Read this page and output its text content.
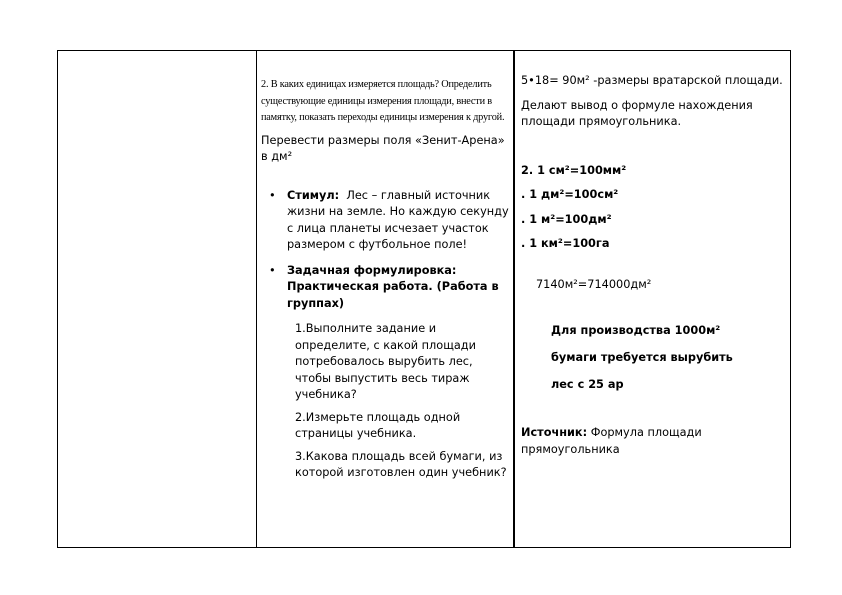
2. В каких единицах измеряется площадь? Определить существующие единицы измерения площади, внести в памятку, показать переходы единицы измерения к другой.

Перевести размеры поля «Зенит-Арена» в дм²

• Стимул: Лес – главный источник жизни на земле. Но каждую секунду с лица планеты исчезает участок размером с футбольное поле!
• Задачная формулировка: Практическая работа. (Работа в группах)

1.Выполните задание и определите, с какой площади потребовалось вырубить лес, чтобы выпустить весь тираж учебника?

2.Измерьте площадь одной страницы учебника.

3.Какова площадь всей бумаги, из которой изготовлен один учебник?

5•18= 90м² -размеры вратарской площади.

Делают вывод о формуле нахождения площади прямоугольника.

2. 1 см²=100мм²

. 1 дм²=100см²

. 1 м²=100дм²

. 1 км²=100га

7140м²=714000дм²

Для производства 1000м²

бумаги требуется вырубить

лес с 25 ар

Источник: Формула площади прямоугольника
